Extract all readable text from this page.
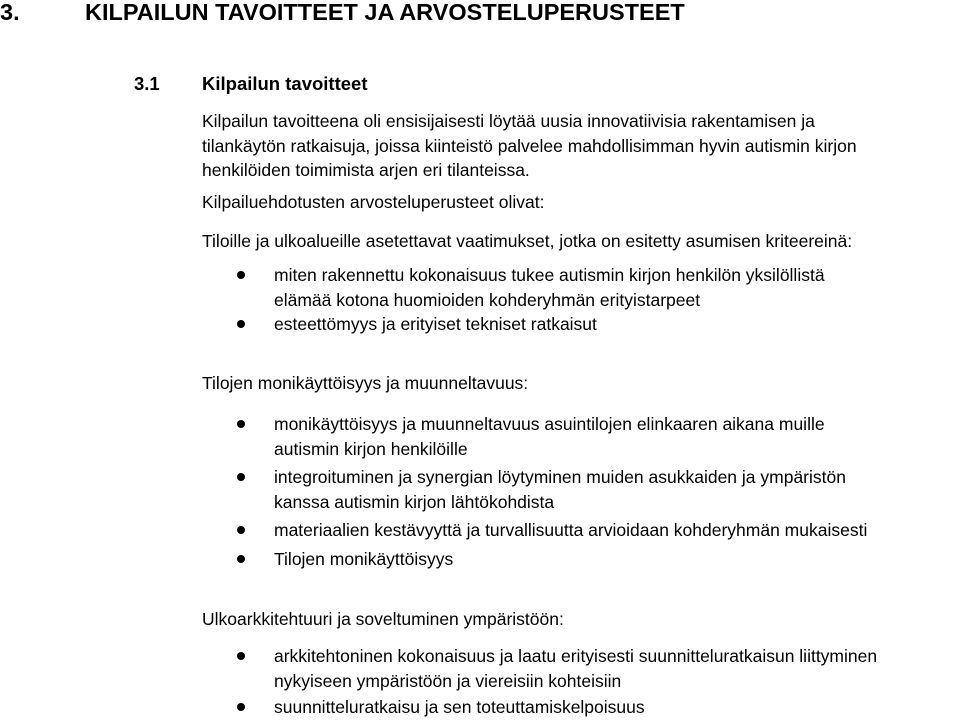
3.	KILPAILUN TAVOITTEET JA ARVOSTELUPERUSTEET
3.1 Kilpailun tavoitteet
Kilpailun tavoitteena oli ensisijaisesti löytää uusia innovatiivisia rakentamisen ja
tilankäytön ratkaisuja, joissa kiinteistö palvelee mahdollisimman hyvin autismin kirjon
henkilöiden toimimista arjen eri tilanteissa.
Kilpailuehdotusten arvosteluperusteet olivat:
Tiloille ja ulkoalueille asetettavat vaatimukset, jotka on esitetty asumisen kriteereinä:
miten rakennettu kokonaisuus tukee autismin kirjon henkilön yksilöllistä
elämää kotona huomioiden kohderyhmän erityistarpeet
esteettömyys ja erityiset tekniset ratkaisut
Tilojen monikäyttöisyys ja muunneltavuus:
monikäyttöisyys ja muunneltavuus asuintilojen elinkaaren aikana muille
autismin kirjon henkilöille
integroituminen ja synergian löytyminen muiden asukkaiden ja ympäristön
kanssa autismin kirjon lähtökohdista
materiaalien kestävyyttä ja turvallisuutta arvioidaan kohderyhmän mukaisesti
Tilojen monikäyttöisyys
Ulkoarkkitehtuuri ja soveltuminen ympäristöön:
arkkitehtoninen kokonaisuus ja laatu erityisesti suunnitteluratkaisun liittyminen
nykyiseen ympäristöön ja viereisiin kohteisiin
suunnitteluratkaisu ja sen toteuttamiskelpoisuus
